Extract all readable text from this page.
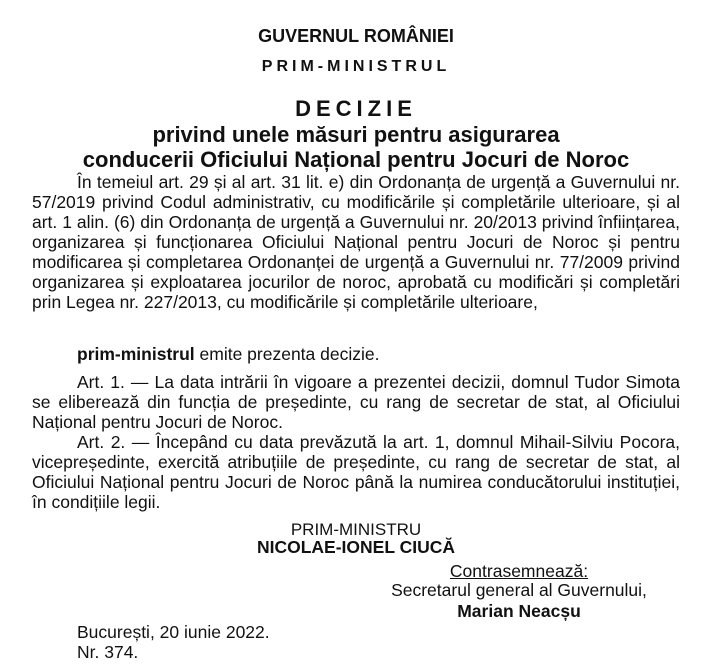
GUVERNUL ROMÂNIEI
PRIM-MINISTRUL
DECIZIE
privind unele măsuri pentru asigurarea
conducerii Oficiului Național pentru Jocuri de Noroc

În temeiul art. 29 și al art. 31 lit. e) din Ordonanța de urgență a Guvernului nr. 57/2019 privind Codul administrativ, cu modificările și completările ulterioare, și al art. 1 alin. (6) din Ordonanța de urgență a Guvernului nr. 20/2013 privind înființarea, organizarea și funcționarea Oficiului Național pentru Jocuri de Noroc și pentru modificarea și completarea Ordonanței de urgență a Guvernului nr. 77/2009 privind organizarea și exploatarea jocurilor de noroc, aprobată cu modificări și completări prin Legea nr. 227/2013, cu modificările și completările ulterioare,

prim-ministrul emite prezenta decizie.

Art. 1. — La data intrării în vigoare a prezentei decizii, domnul Tudor Simota se eliberează din funcția de președinte, cu rang de secretar de stat, al Oficiului Național pentru Jocuri de Noroc.

Art. 2. — Începând cu data prevăzută la art. 1, domnul Mihail-Silviu Pocora, vicepreședinte, exercită atribuțiile de președinte, cu rang de secretar de stat, al Oficiului Național pentru Jocuri de Noroc până la numirea conducătorului instituției, în condițiile legii.

PRIM-MINISTRU
NICOLAE-IONEL CIUCĂ
Contrasemnează:
Secretarul general al Guvernului,
Marian Neacșu
București, 20 iunie 2022.
Nr. 374.
